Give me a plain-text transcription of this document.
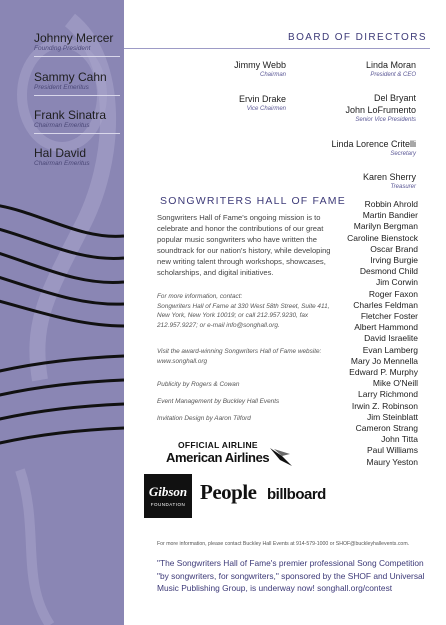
Johnny Mercer
Founding President
Sammy Cahn
President Emeritus
Frank Sinatra
Chairman Emeritus
Hal David
Chairman Emeritus
BOARD OF DIRECTORS
Jimmy Webb
Chairman
Linda Moran
President & CEO
Ervin Drake
Vice Chairmen
Del Bryant
John LoFrumento
Senior Vice Presidents
Linda Lorence Critelli
Secretary
Karen Sherry
Treasurer
Robbin Ahrold
Martin Bandier
Marilyn Bergman
Caroline Bienstock
Oscar Brand
Irving Burgie
Desmond Child
Jim Corwin
Roger Faxon
Charles Feldman
Fletcher Foster
Albert Hammond
David Israelite
Evan Lamberg
Mary Jo Mennella
Edward P. Murphy
Mike O'Neill
Larry Richmond
Irwin Z. Robinson
Jim Steinblatt
Cameron Strang
John Titta
Paul Williams
Maury Yeston
SONGWRITERS HALL OF FAME
Songwriters Hall of Fame's ongoing mission is to celebrate and honor the contributions of our great popular music songwriters who have written the soundtrack for our nation's history, while developing new writing talent through workshops, showcases, scholarships, and digital initiatives.
For more information, contact:
Songwriters Hall of Fame at 330 West 58th Street, Suite 411, New York, New York 10019; or call 212.957.9230, fax 212.957.9227; or e-mail info@songhall.org.
Visit the award-winning Songwriters Hall of Fame website:
www.songhall.org
Publicity by Rogers & Cowan
Event Management by Buckley Hall Events
Invitation Design by Aaron Tilford
OFFICIAL AIRLINE
American Airlines
Gibson
FOUNDATION
People billboard
For more information, please contact Buckley Hall Events at 914-579-1000 or SHOF@buckleyhallevents.com.
"The Songwriters Hall of Fame's premier professional Song Competition "by songwriters, for songwriters," sponsored by the SHOF and Universal Music Publishing Group, is underway now! songhall.org/contest
